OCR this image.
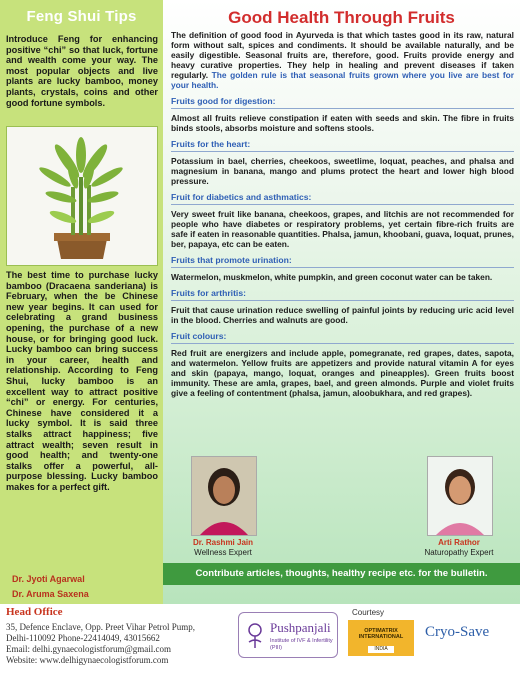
Feng Shui Tips
Introduce Feng for enhancing positive “chi” so that luck, fortune and wealth come your way. The most popular objects and live plants are lucky bamboo, money plants, crystals, coins and other good fortune symbols.
The best time to purchase lucky bamboo (Dracaena sanderiana) is February, when the be Chinese new year begins. It can used for celebrating a grand business opening, the purchase of a new house, or for bringing good luck. Lucky bamboo can bring success in your career, health and relationship. According to Feng Shui, lucky bamboo is an excellent way to attract positive “chi” or energy. For centuries, Chinese have considered it a lucky symbol. It is said three stalks attract happiness; five attract wealth; seven result in good health; and twenty-one stalks offer a powerful, all-purpose blessing. Lucky bamboo makes for a perfect gift.
Dr. Jyoti Agarwal
Dr. Aruma Saxena
Good Health Through Fruits

The definition of good food in Ayurveda is that which tastes good in its raw, natural form without salt, spices and condiments. It should be available naturally, and be easily digestible. Seasonal fruits are, therefore, good. Fruits provide energy and heavy curative properties. They help in healing and prevent diseases if taken regularly. The golden rule is that seasonal fruits grown where you live are best for your health.

Fruits good for digestion:

Almost all fruits relieve constipation if eaten with seeds and skin. The fibre in fruits binds stools, absorbs moisture and softens stools.

Fruits for the heart:

Potassium in bael, cherries, cheekoos, sweetlime, loquat, peaches, and phalsa and magnesium in banana, mango and plums protect the heart and lower high blood pressure.

Fruit for diabetics and asthmatics:

Very sweet fruit like banana, cheekoos, grapes, and litchis are not recommended for people who have diabetes or respiratory problems, yet certain fibre-rich fruits are safe if eaten in reasonable quantities. Phalsa, jamun, khoobani, guava, loquat, prunes, ber, papaya, etc can be eaten.

Fruits that promote urination:

Watermelon, muskmelon, white pumpkin, and green coconut water can be taken.

Fruits for arthritis:

Fruit that cause urination reduce swelling of painful joints by reducing uric acid level in the blood. Cherries and walnuts are good.

Fruit colours:

Red fruit are energizers and include apple, pomegranate, red grapes, dates, sapota, and watermelon. Yellow fruits are appetizers and provide natural vitamin A for eyes and skin (papaya, mango, loquat, oranges and pineapples). Green fruits boost immunity. These are amla, grapes, bael, and green almonds. Purple and violet fruits give a feeling of contentment (phalsa, jamun, aloobukhara, and red grapes).

Dr. Rashmi Jain
Wellness Expert
Arti Rathor
Naturopathy Expert
Contribute articles, thoughts, healthy recipe etc. for the bulletin.
Head Office
35, Defence Enclave, Opp. Preet Vihar Petrol Pump,
Delhi-110092 Phone-22414049, 43015662
Email: delhi.gynaecologistforum@gmail.com
Website: www.delhigynaecologistforum.com
Pushpanjali
Institute of IVF & Infertility (PIII)
Courtesy
OPTIMATRIX INTERNATIONAL
INDIA
Cryo-Save
